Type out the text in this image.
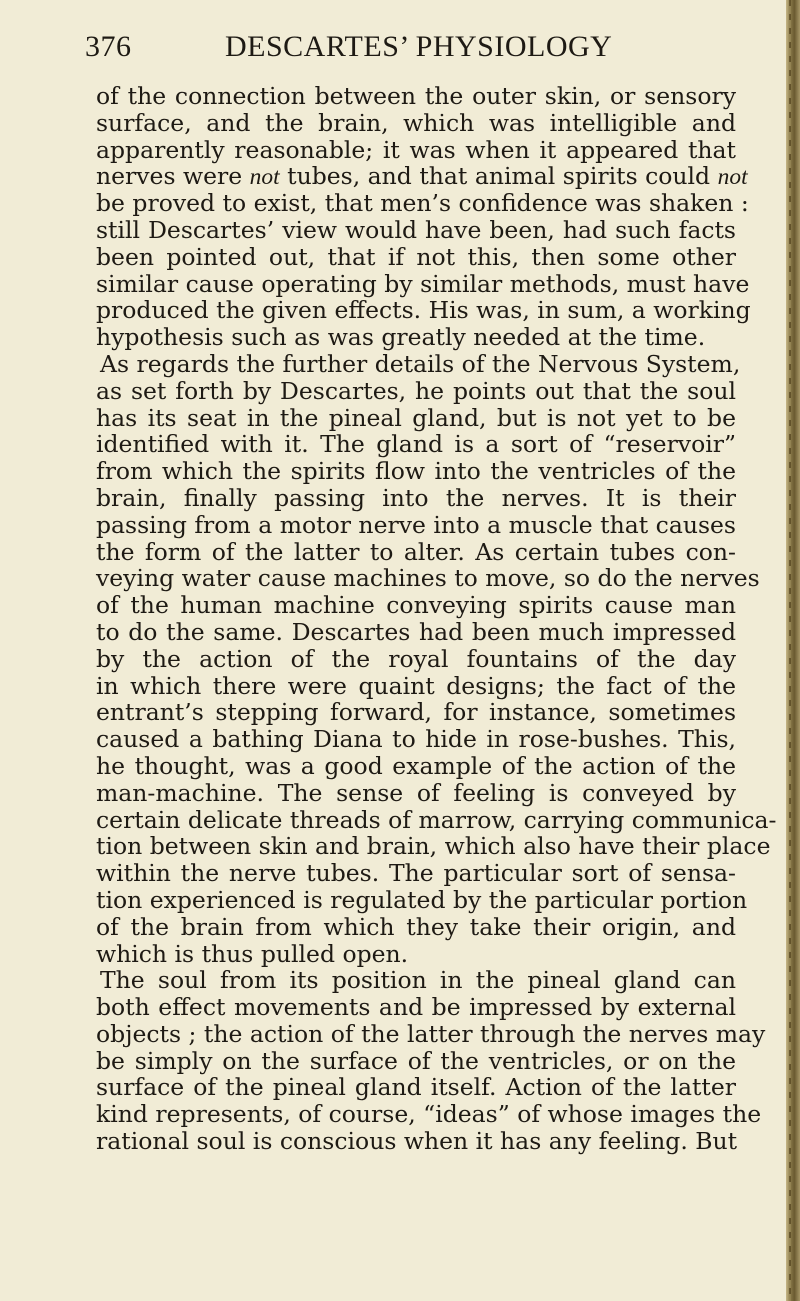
376	DESCARTES’ PHYSIOLOGY
of the connection between the outer skin, or sensory
surface, and the brain, which was intelligible and
apparently reasonable; it was when it appeared that
nerves were not tubes, and that animal spirits could not
be proved to exist, that men’s confidence was shaken :
still Descartes’ view would have been, had such facts
been pointed out, that if not this, then some other
similar cause operating by similar methods, must have
produced the given effects. His was, in sum, a working
hypothesis such as was greatly needed at the time.
As regards the further details of the Nervous System,
as set forth by Descartes, he points out that the soul
has its seat in the pineal gland, but is not yet to be
identified with it. The gland is a sort of “reservoir”
from which the spirits flow into the ventricles of the
brain, finally passing into the nerves. It is their
passing from a motor nerve into a muscle that causes
the form of the latter to alter. As certain tubes con-
veying water cause machines to move, so do the nerves
of the human machine conveying spirits cause man
to do the same. Descartes had been much impressed
by the action of the royal fountains of the day
in which there were quaint designs; the fact of the
entrant’s stepping forward, for instance, sometimes
caused a bathing Diana to hide in rose-bushes. This,
he thought, was a good example of the action of the
man-machine. The sense of feeling is conveyed by
certain delicate threads of marrow, carrying communica-
tion between skin and brain, which also have their place
within the nerve tubes. The particular sort of sensa-
tion experienced is regulated by the particular portion
of the brain from which they take their origin, and
which is thus pulled open.
The soul from its position in the pineal gland can
both effect movements and be impressed by external
objects ; the action of the latter through the nerves may
be simply on the surface of the ventricles, or on the
surface of the pineal gland itself. Action of the latter
kind represents, of course, “ideas” of whose images the
rational soul is conscious when it has any feeling. But
